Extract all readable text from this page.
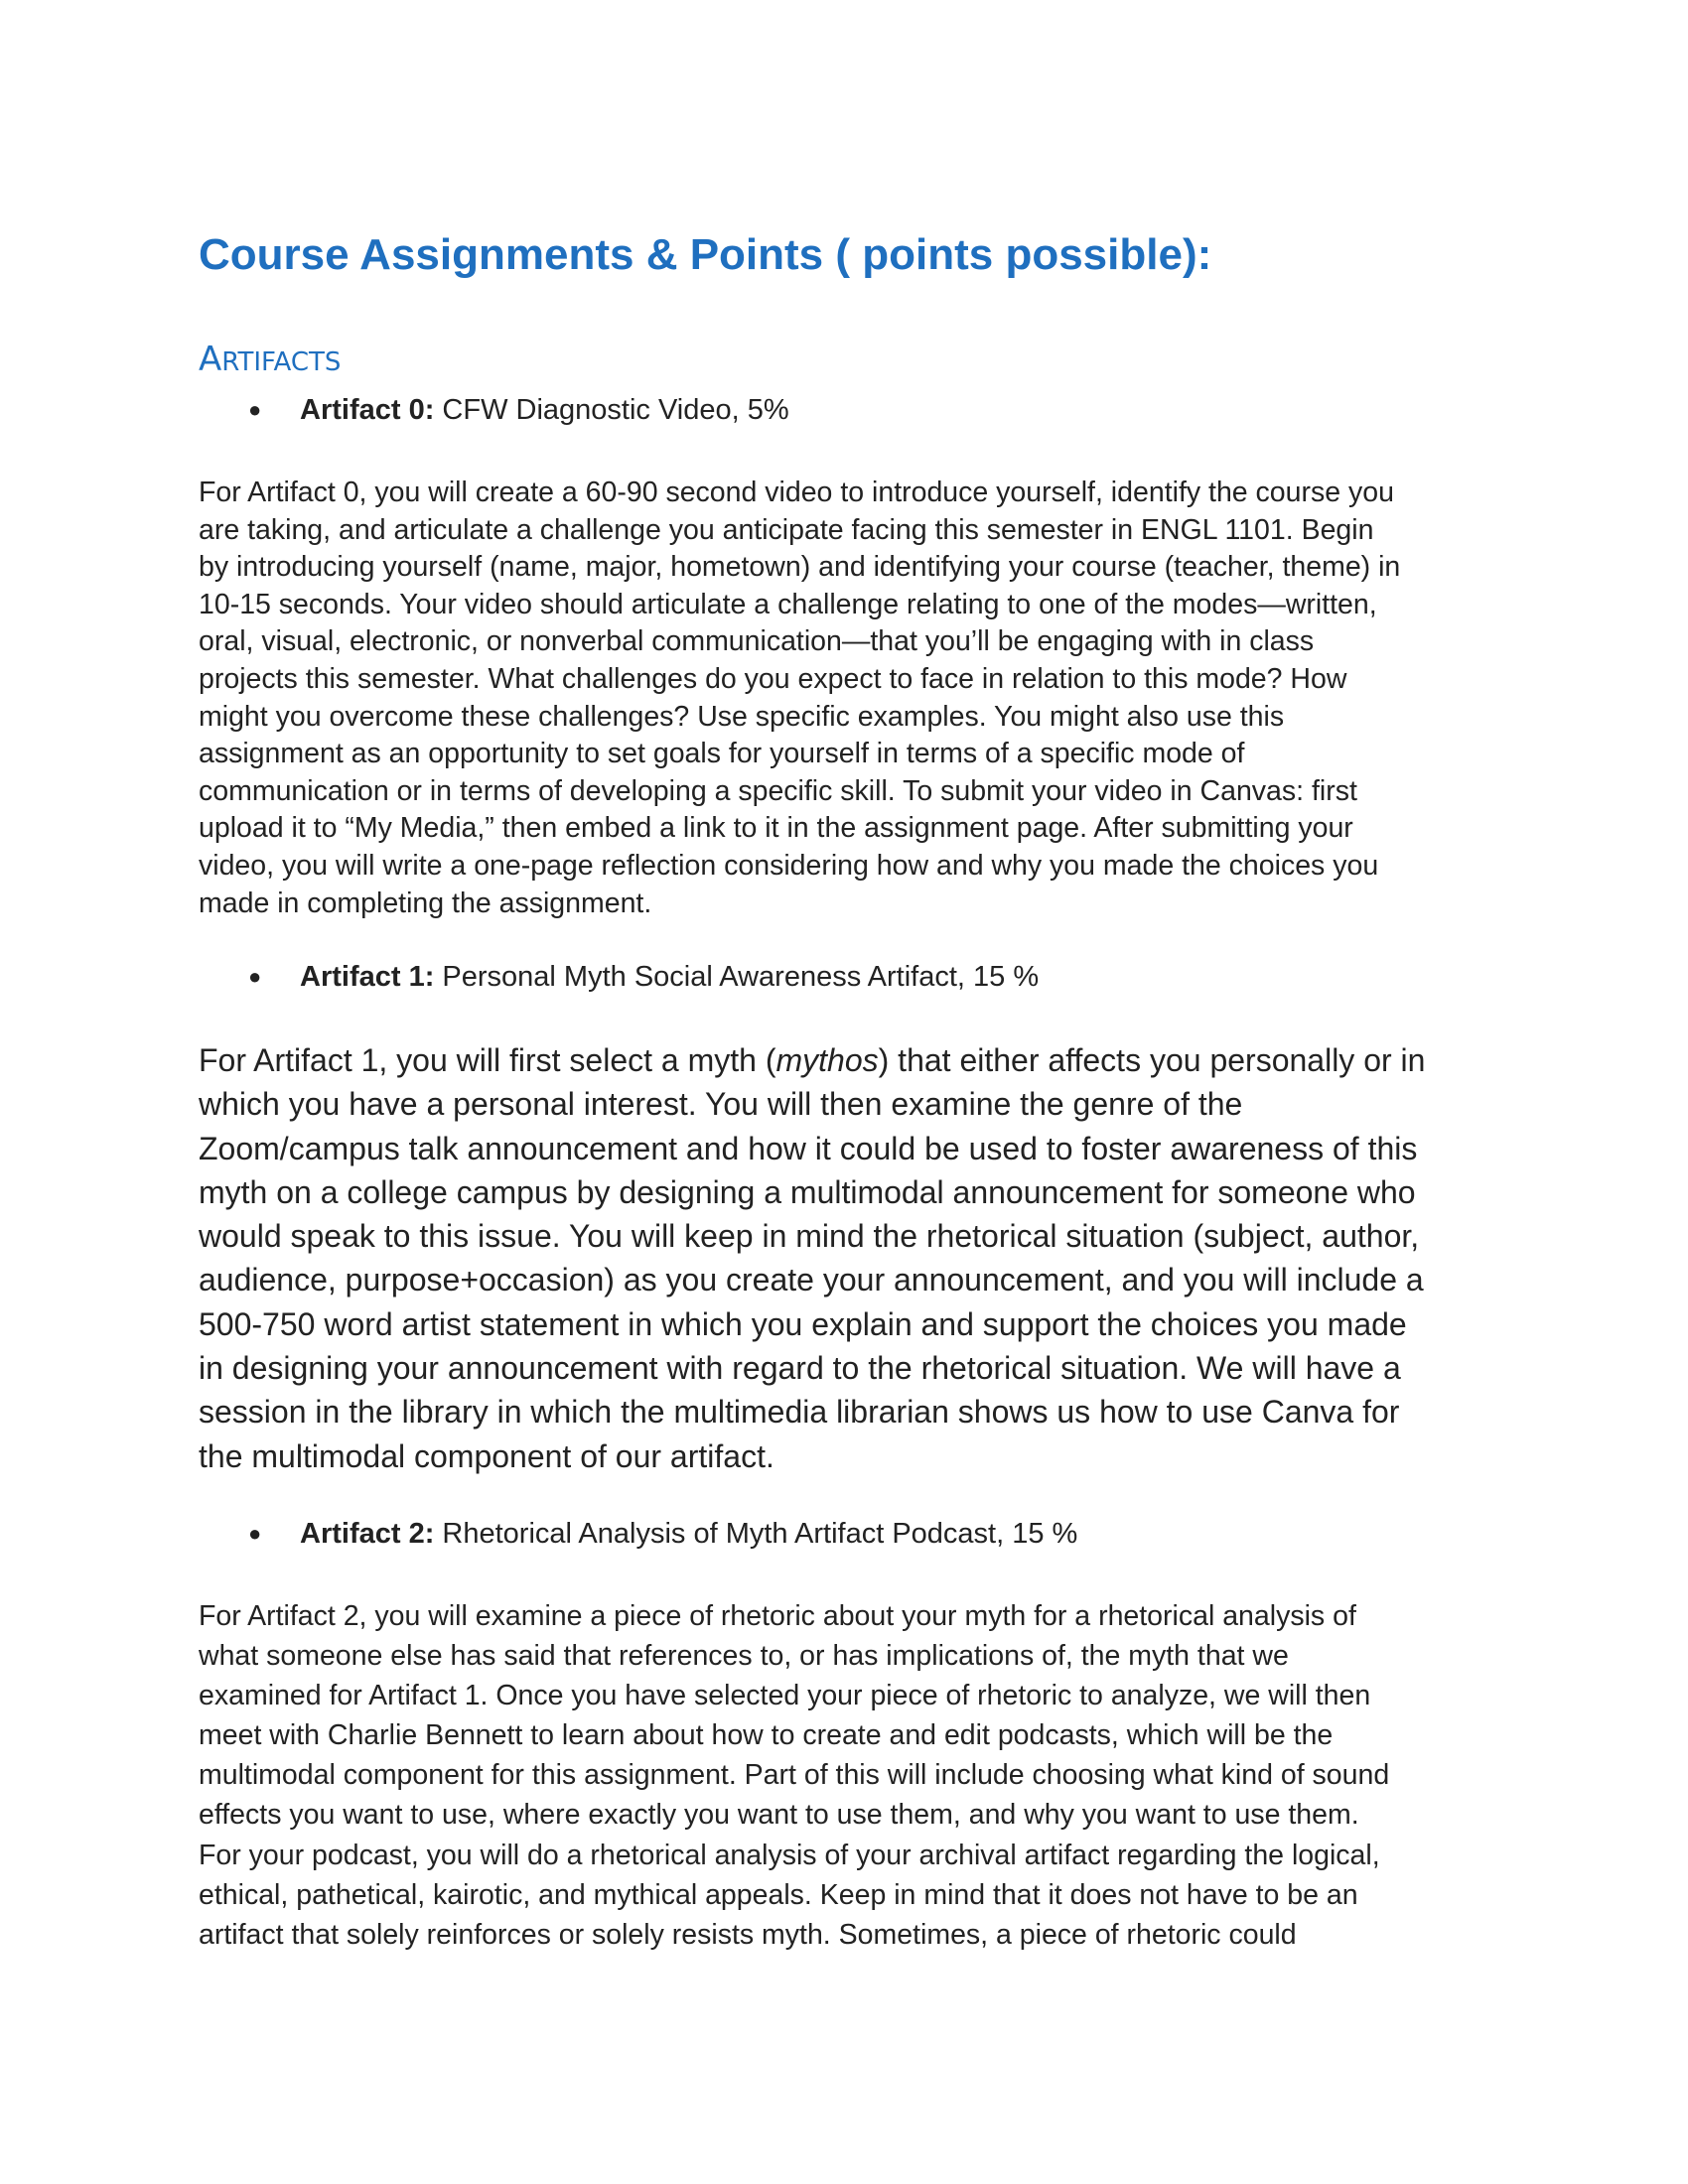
Course Assignments & Points ( points possible):
ARTIFACTS
● Artifact 0: CFW Diagnostic Video, 5%
For Artifact 0, you will create a 60-90 second video to introduce yourself, identify the course you
are taking, and articulate a challenge you anticipate facing this semester in ENGL 1101. Begin
by introducing yourself (name, major, hometown) and identifying your course (teacher, theme) in
10-15 seconds. Your video should articulate a challenge relating to one of the modes—written,
oral, visual, electronic, or nonverbal communication—that you’ll be engaging with in class
projects this semester. What challenges do you expect to face in relation to this mode? How
might you overcome these challenges? Use specific examples. You might also use this
assignment as an opportunity to set goals for yourself in terms of a specific mode of
communication or in terms of developing a specific skill. To submit your video in Canvas: first
upload it to “My Media,” then embed a link to it in the assignment page. After submitting your
video, you will write a one-page reflection considering how and why you made the choices you
made in completing the assignment.
● Artifact 1: Personal Myth Social Awareness Artifact, 15 %
For Artifact 1, you will first select a myth (mythos) that either affects you personally or in
which you have a personal interest. You will then examine the genre of the
Zoom/campus talk announcement and how it could be used to foster awareness of this
myth on a college campus by designing a multimodal announcement for someone who
would speak to this issue. You will keep in mind the rhetorical situation (subject, author,
audience, purpose+occasion) as you create your announcement, and you will include a
500-750 word artist statement in which you explain and support the choices you made
in designing your announcement with regard to the rhetorical situation. We will have a
session in the library in which the multimedia librarian shows us how to use Canva for
the multimodal component of our artifact.
● Artifact 2: Rhetorical Analysis of Myth Artifact Podcast, 15 %
For Artifact 2, you will examine a piece of rhetoric about your myth for a rhetorical analysis of
what someone else has said that references to, or has implications of, the myth that we
examined for Artifact 1. Once you have selected your piece of rhetoric to analyze, we will then
meet with Charlie Bennett to learn about how to create and edit podcasts, which will be the
multimodal component for this assignment. Part of this will include choosing what kind of sound
effects you want to use, where exactly you want to use them, and why you want to use them.
For your podcast, you will do a rhetorical analysis of your archival artifact regarding the logical,
ethical, pathetical, kairotic, and mythical appeals. Keep in mind that it does not have to be an
artifact that solely reinforces or solely resists myth. Sometimes, a piece of rhetoric could
